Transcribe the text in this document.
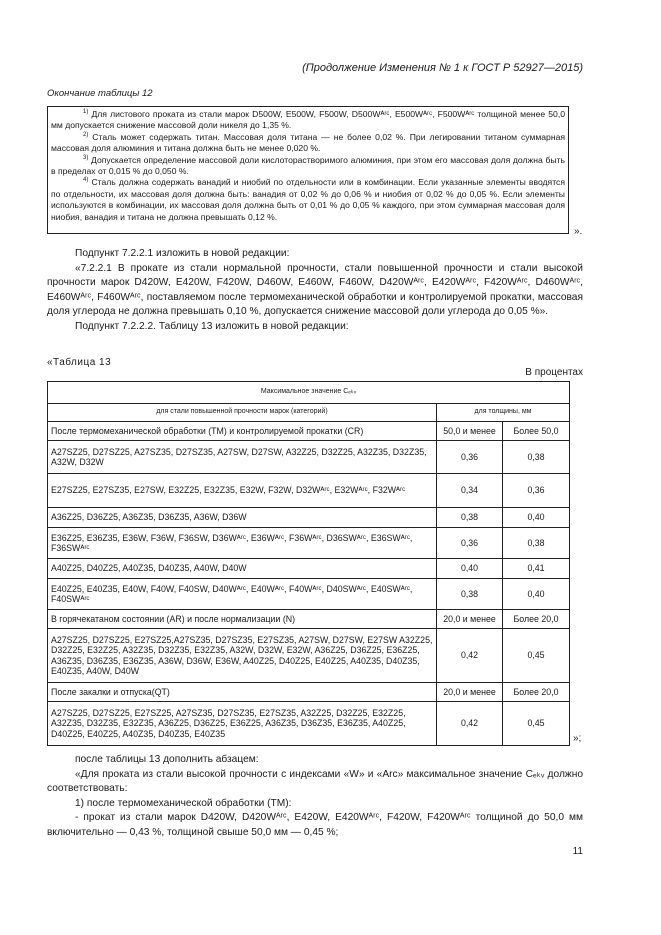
(Продолжение Изменения № 1 к ГОСТ Р 52927—2015)
Окончание таблицы 12

$^{1)}$ Для листового проката из стали марок D500W, E500W, F500W, D500Wᴬʳᶜ, E500Wᴬʳᶜ, F500Wᴬʳᶜ толщиной менее 50,0 мм допускается снижение массовой доли никеля до 1,35 %.

$^{2)}$ Сталь может содержать титан. Массовая доля титана — не более 0,02 %. При легировании титаном суммарная массовая доля алюминия и титана должна быть не менее 0,020 %.

$^{3)}$ Допускается определение массовой доли кислоторастворимого алюминия, при этом его массовая доля должна быть в пределах от 0,015 % до 0,050 %.

$^{4)}$ Сталь должна содержать ванадий и ниобий по отдельности или в комбинации. Если указанные элементы вводятся по отдельности, их массовая доля должна быть: ванадия от 0,02 % до 0,06 % и ниобия от 0,02 % до 0,05 %. Если элементы используются в комбинации, их массовая доля должна быть от 0,01 % до 0,05 % каждого, при этом суммарная массовая доля ниобия, ванадия и титана не должна превышать 0,12 %.

».

Подпункт 7.2.2.1 изложить в новой редакции:

«7.2.2.1 В прокате из стали нормальной прочности, стали повышенной прочности и стали высокой прочности марок D420W, E420W, F420W, D460W, E460W, F460W, D420Wᴬʳᶜ, E420Wᴬʳᶜ, F420Wᴬʳᶜ, D460Wᴬʳᶜ, E460Wᴬʳᶜ, F460Wᴬʳᶜ, поставляемом после термомеханической обработки и контролируемой прокатки, массовая доля углерода не должна превышать 0,10 %, допускается снижение массовой доли углерода до 0,05 %».

Подпункт 7.2.2.2. Таблицу 13 изложить в новой редакции:

«Таблица 13
В процентах
Максимальное значение Cₑₖᵥ		
для стали повышенной прочности марок (категорий)	для толщины, мм	
После термомеханической обработки (ТМ) и контролируемой прокатки (CR)	50,0 и менее	Более 50,0
A27SZ25, D27SZ25, A27SZ35, D27SZ35, A27SW, D27SW, A32Z25, D32Z25, A32Z35, D32Z35, A32W, D32W	0,36	0,38
E27SZ25, E27SZ35, E27SW, E32Z25, E32Z35, E32W, F32W, D32Wᴬʳᶜ, E32Wᴬʳᶜ, F32Wᴬʳᶜ	0,34	0,36
A36Z25, D36Z25, A36Z35, D36Z35, A36W, D36W	0,38	0,40
E36Z25, E36Z35, E36W, F36W, F36SW, D36Wᴬʳᶜ, E36Wᴬʳᶜ, F36Wᴬʳᶜ, D36SWᴬʳᶜ, E36SWᴬʳᶜ, F36SWᴬʳᶜ	0,36	0,38
A40Z25, D40Z25, A40Z35, D40Z35, A40W, D40W	0,40	0,41
E40Z25, E40Z35, E40W, F40W, F40SW, D40Wᴬʳᶜ, E40Wᴬʳᶜ, F40Wᴬʳᶜ, D40SWᴬʳᶜ, E40SWᴬʳᶜ, F40SWᴬʳᶜ	0,38	0,40
В горячекатаном состоянии (AR) и после нормализации (N)	20,0 и менее	Более 20,0
A27SZ25, D27SZ25, E27SZ25,A27SZ35, D27SZ35, E27SZ35, A27SW, D27SW, E27SW A32Z25, D32Z25, E32Z25, A32Z35, D32Z35, E32Z35, A32W, D32W, E32W, A36Z25, D36Z25, E36Z25, A36Z35, D36Z35, E36Z35, A36W, D36W, E36W, A40Z25, D40Z25, E40Z25, A40Z35, D40Z35, E40Z35, A40W, D40W	0,42	0,45
После закалки и отпуска(QT)	20,0 и менее	Более 20,0
A27SZ25, D27SZ25, E27SZ25, A27SZ35, D27SZ35, E27SZ35, A32Z25, D32Z25, E32Z25, A32Z35, D32Z35, E32Z35, A36Z25, D36Z25, E36Z25, A36Z35, D36Z35, E36Z35, A40Z25, D40Z25, E40Z25, A40Z35, D40Z35, E40Z35	0,42	0,45
»;

после таблицы 13 дополнить абзацем:

«Для проката из стали высокой прочности с индексами «W» и «Arc» максимальное значение Cₑₖᵥ должно соответствовать:

1) после термомеханической обработки (TM):

- прокат из стали марок D420W, D420Wᴬʳᶜ, E420W, E420Wᴬʳᶜ, F420W, F420Wᴬʳᶜ толщиной до 50,0 мм включительно — 0,43 %, толщиной свыше 50,0 мм — 0,45 %;

11
